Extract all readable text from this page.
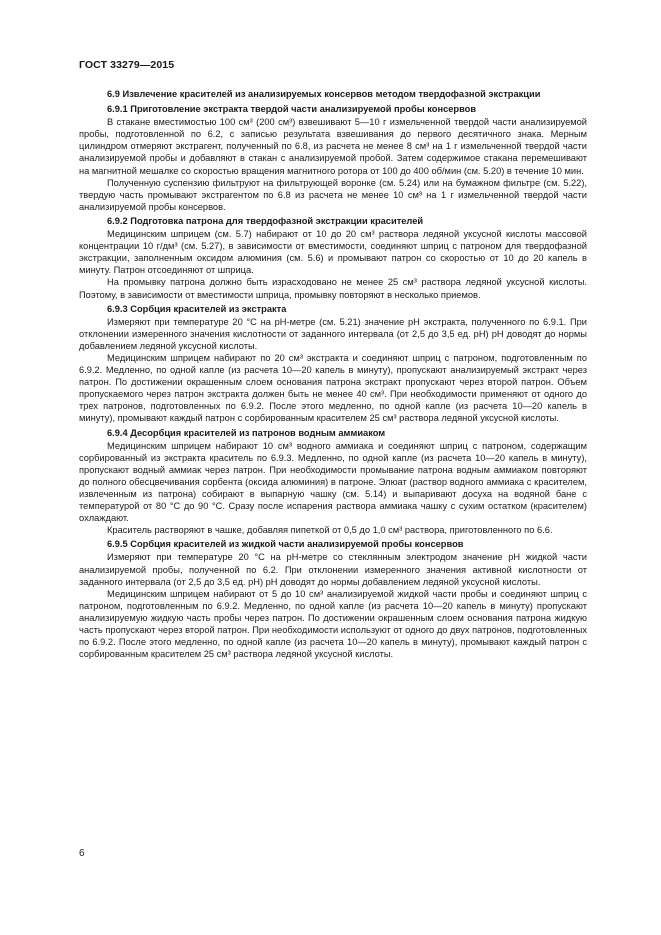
ГОСТ 33279—2015
6.9 Извлечение красителей из анализируемых консервов методом твердофазной экстракции
6.9.1 Приготовление экстракта твердой части анализируемой пробы консервов

В стакане вместимостью 100 см³ (200 см³) взвешивают 5—10 г измельченной твердой части анализируемой пробы, подготовленной по 6.2, с записью результата взвешивания до первого десятичного знака. Мерным цилиндром отмеряют экстрагент, полученный по 6.8, из расчета не менее 8 см³ на 1 г измельченной твердой части анализируемой пробы и добавляют в стакан с анализируемой пробой. Затем содержимое стакана перемешивают на магнитной мешалке со скоростью вращения магнитного ротора от 100 до 400 об/мин (см. 5.20) в течение 10 мин.

Полученную суспензию фильтруют на фильтрующей воронке (см. 5.24) или на бумажном фильтре (см. 5.22), твердую часть промывают экстрагентом по 6.8 из расчета не менее 10 см³ на 1 г измельченной твердой части анализируемой пробы консервов.

6.9.2 Подготовка патрона для твердофазной экстракции красителей

Медицинским шприцем (см. 5.7) набирают от 10 до 20 см³ раствора ледяной уксусной кислоты массовой концентрации 10 г/дм³ (см. 5.27), в зависимости от вместимости, соединяют шприц с патроном для твердофазной экстракции, заполненным оксидом алюминия (см. 5.6) и промывают патрон со скоростью от 10 до 20 капель в минуту. Патрон отсоединяют от шприца.

На промывку патрона должно быть израсходовано не менее 25 см³ раствора ледяной уксусной кислоты. Поэтому, в зависимости от вместимости шприца, промывку повторяют в несколько приемов.

6.9.3 Сорбция красителей из экстракта

Измеряют при температуре 20 °С на рН-метре (см. 5.21) значение рН экстракта, полученного по 6.9.1. При отклонении измеренного значения кислотности от заданного интервала (от 2,5 до 3,5 ед. рН) рН доводят до нормы добавлением ледяной уксусной кислоты.

Медицинским шприцем набирают по 20 см³ экстракта и соединяют шприц с патроном, подготовленным по 6.9.2. Медленно, по одной капле (из расчета 10—20 капель в минуту), пропускают анализируемый экстракт через патрон. По достижении окрашенным слоем основания патрона экстракт пропускают через второй патрон. Объем пропускаемого через патрон экстракта должен быть не менее 40 см³. При необходимости применяют от одного до трех патронов, подготовленных по 6.9.2. После этого медленно, по одной капле (из расчета 10—20 капель в минуту), промывают каждый патрон с сорбированным красителем 25 см³ раствора ледяной уксусной кислоты.

6.9.4 Десорбция красителей из патронов водным аммиаком

Медицинским шприцем набирают 10 см³ водного аммиака и соединяют шприц с патроном, содержащим сорбированный из экстракта краситель по 6.9.3. Медленно, по одной капле (из расчета 10—20 капель в минуту), пропускают водный аммиак через патрон. При необходимости промывание патрона водным аммиаком повторяют до полного обесцвечивания сорбента (оксида алюминия) в патроне. Элюат (раствор водного аммиака с красителем, извлеченным из патрона) собирают в выпарную чашку (см. 5.14) и выпаривают досуха на водяной бане с температурой от 80 °С до 90 °С. Сразу после испарения раствора аммиака чашку с сухим остатком (красителем) охлаждают.

Краситель растворяют в чашке, добавляя пипеткой от 0,5 до 1,0 см³ раствора, приготовленного по 6.6.

6.9.5 Сорбция красителей из жидкой части анализируемой пробы консервов

Измеряют при температуре 20 °С на рН-метре со стеклянным электродом значение рН жидкой части анализируемой пробы, полученной по 6.2. При отклонении измеренного значения активной кислотности от заданного интервала (от 2,5 до 3,5 ед. рН) рН доводят до нормы добавлением ледяной уксусной кислоты.

Медицинским шприцем набирают от 5 до 10 см³ анализируемой жидкой части пробы и соединяют шприц с патроном, подготовленным по 6.9.2. Медленно, по одной капле (из расчета 10—20 капель в минуту) пропускают анализируемую жидкую часть пробы через патрон. По достижении окрашенным слоем основания патрона жидкую часть пропускают через второй патрон. При необходимости используют от одного до двух патронов, подготовленных по 6.9.2. После этого медленно, по одной капле (из расчета 10—20 капель в минуту), промывают каждый патрон с сорбированным красителем 25 см³ раствора ледяной уксусной кислоты.

6
